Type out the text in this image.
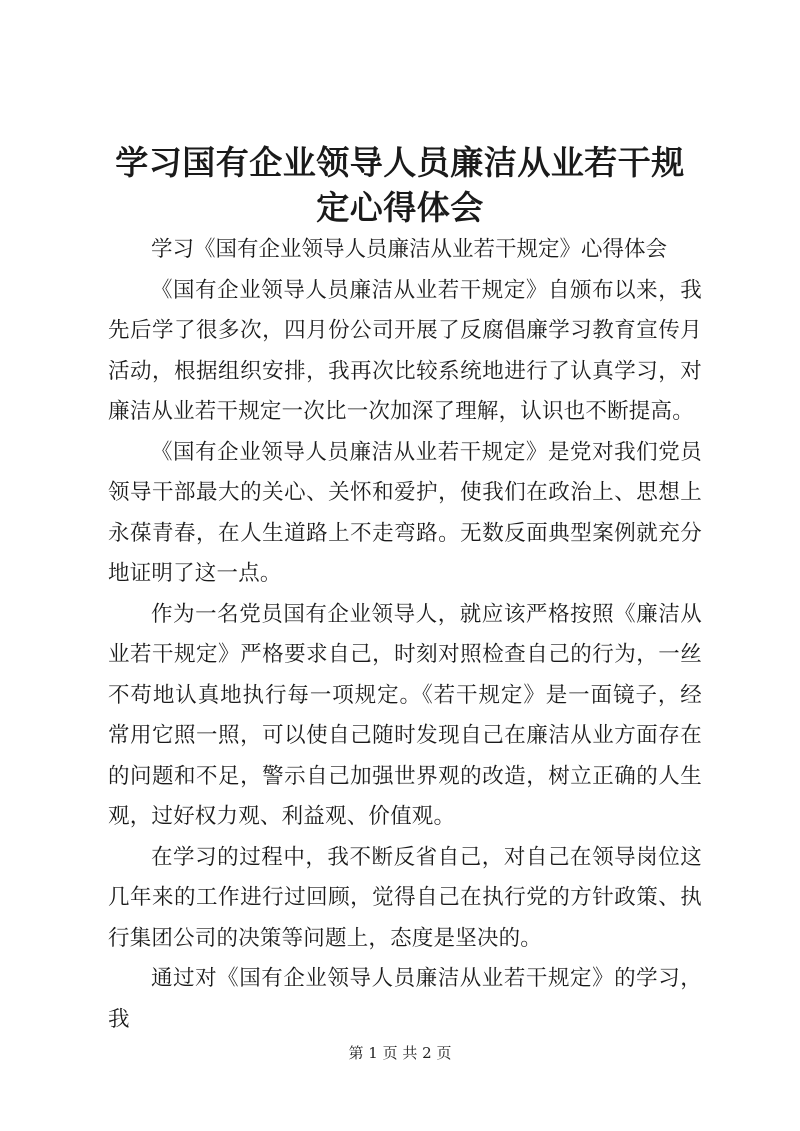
学习国有企业领导人员廉洁从业若干规定心得体会

学习《国有企业领导人员廉洁从业若干规定》心得体会

《国有企业领导人员廉洁从业若干规定》自颁布以来，我先后学了很多次，四月份公司开展了反腐倡廉学习教育宣传月活动，根据组织安排，我再次比较系统地进行了认真学习，对廉洁从业若干规定一次比一次加深了理解，认识也不断提高。

《国有企业领导人员廉洁从业若干规定》是党对我们党员领导干部最大的关心、关怀和爱护，使我们在政治上、思想上永葆青春，在人生道路上不走弯路。无数反面典型案例就充分地证明了这一点。

作为一名党员国有企业领导人，就应该严格按照《廉洁从业若干规定》严格要求自己，时刻对照检查自己的行为，一丝不苟地认真地执行每一项规定。《若干规定》是一面镜子，经常用它照一照，可以使自己随时发现自己在廉洁从业方面存在的问题和不足，警示自己加强世界观的改造，树立正确的人生观，过好权力观、利益观、价值观。

在学习的过程中，我不断反省自己，对自己在领导岗位这几年来的工作进行过回顾，觉得自己在执行党的方针政策、执行集团公司的决策等问题上，态度是坚决的。

通过对《国有企业领导人员廉洁从业若干规定》的学习，我

第 1 页 共 2 页
